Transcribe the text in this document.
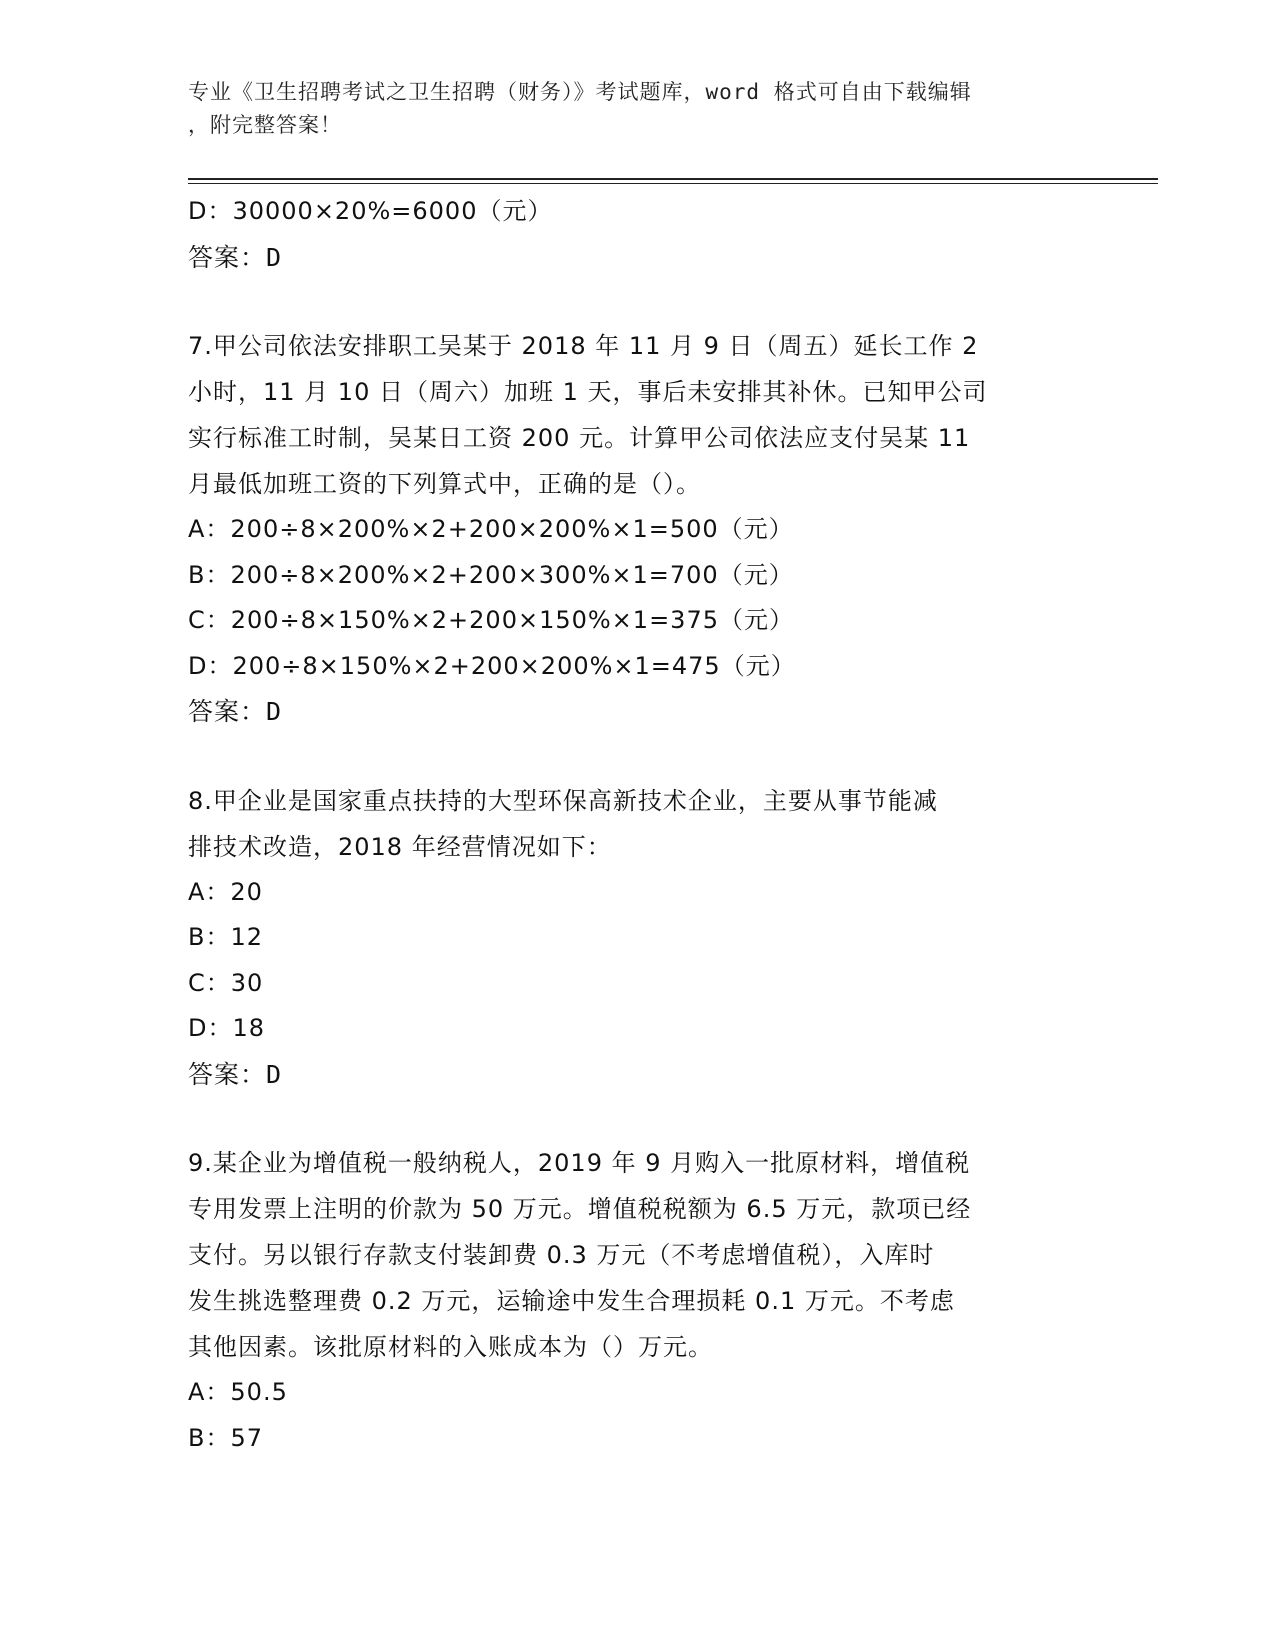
专业《卫生招聘考试之卫生招聘（财务）》考试题库，word 格式可自由下载编辑
，附完整答案！
D：30000×20%=6000（元）
答案：D
7.甲公司依法安排职工吴某于 2018 年 11 月 9 日（周五）延长工作 2
小时，11 月 10 日（周六）加班 1 天，事后未安排其补休。已知甲公司
实行标准工时制，吴某日工资 200 元。计算甲公司依法应支付吴某 11
月最低加班工资的下列算式中，正确的是（）。
A：200÷8×200%×2+200×200%×1=500（元）
B：200÷8×200%×2+200×300%×1=700（元）
C：200÷8×150%×2+200×150%×1=375（元）
D：200÷8×150%×2+200×200%×1=475（元）
答案：D
8.甲企业是国家重点扶持的大型环保高新技术企业，主要从事节能减
排技术改造，2018 年经营情况如下：
A：20
B：12
C：30
D：18
答案：D
9.某企业为增值税一般纳税人，2019 年 9 月购入一批原材料，增值税
专用发票上注明的价款为 50 万元。增值税税额为 6.5 万元，款项已经
支付。另以银行存款支付装卸费 0.3 万元（不考虑增值税），入库时
发生挑选整理费 0.2 万元，运输途中发生合理损耗 0.1 万元。不考虑
其他因素。该批原材料的入账成本为（）万元。
A：50.5
B：57
